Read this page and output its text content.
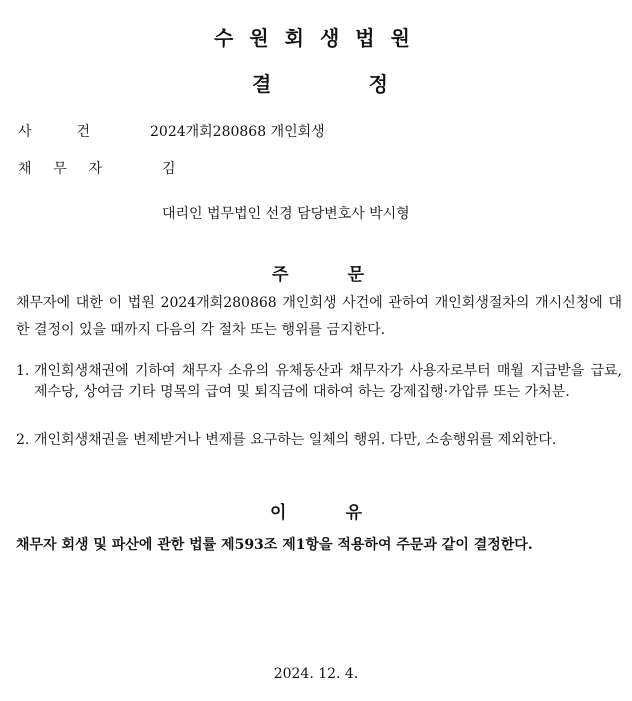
수원회생법원
결	정
사	건	2024개회280868 개인회생
채 무 자	김
대리인 법무법인 선경 담당변호사 박시형
주	문
채무자에 대한 이 법원 2024개회280868 개인회생 사건에 관하여 개인회생절차의 개시신청에 대한 결정이 있을 때까지 다음의 각 절차 또는 행위를 금지한다.
1. 개인회생채권에 기하여 채무자 소유의 유체동산과 채무자가 사용자로부터 매월 지급받을 급료, 제수당, 상여금 기타 명목의 급여 및 퇴직금에 대하여 하는 강제집행·가압류 또는 가처분.
2. 개인회생채권을 변제받거나 변제를 요구하는 일체의 행위. 다만, 소송행위를 제외한다.
이	유
채무자 회생 및 파산에 관한 법률 제593조 제1항을 적용하여 주문과 같이 결정한다.
2024. 12. 4.
